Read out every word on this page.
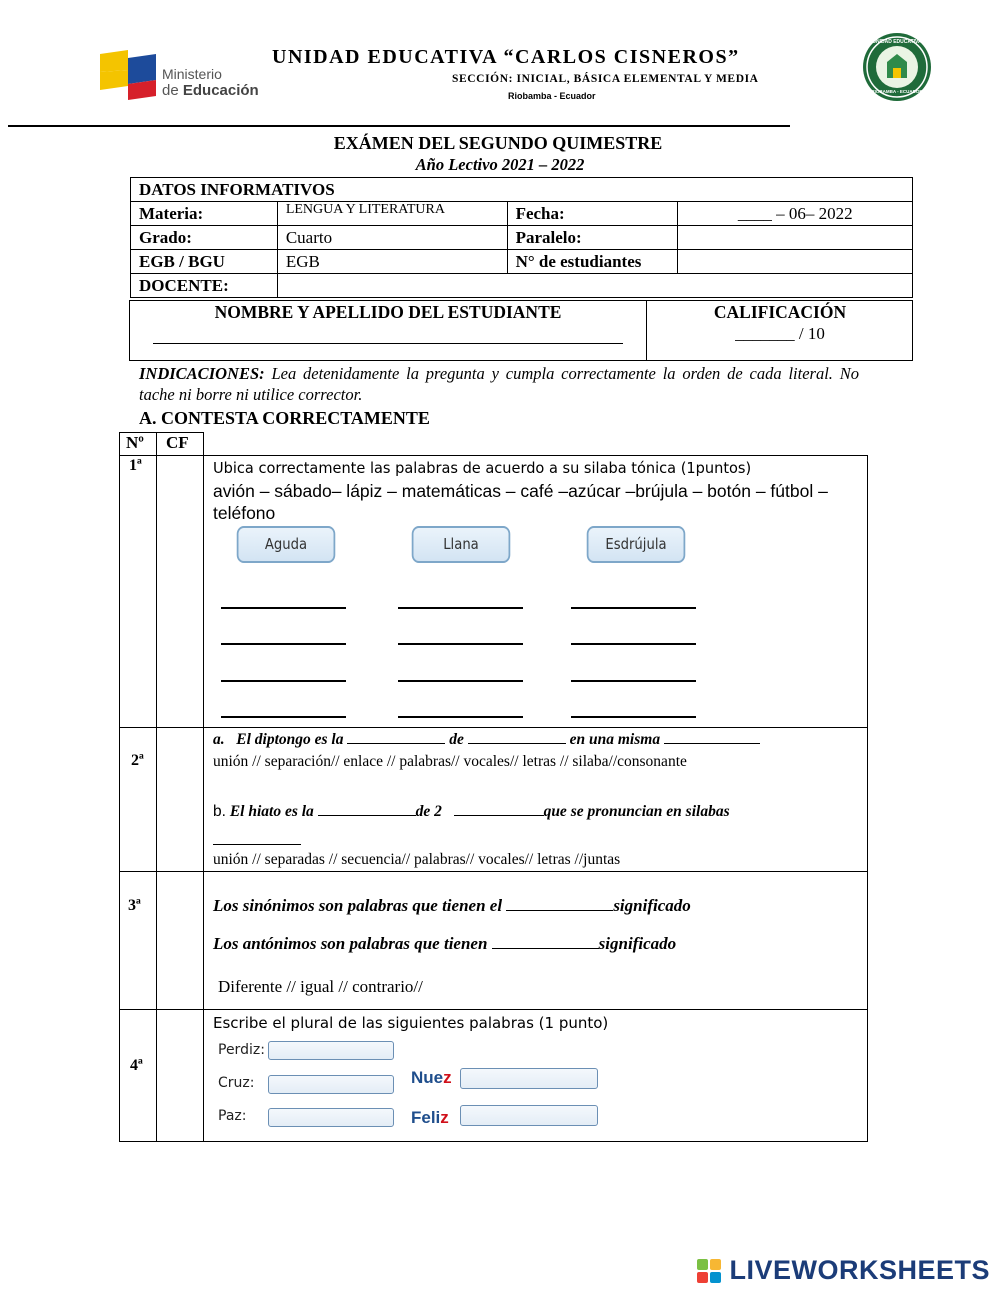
Ministerio
de Educación
UNIDAD EDUCATIVA “CARLOS CISNEROS”
SECCIÓN: INICIAL, BÁSICA ELEMENTAL Y MEDIA
Riobamba - Ecuador
UNIDAD EDUCATIVA
RIOBAMBA - ECUADOR
EXÁMEN DEL SEGUNDO QUIMESTRE
Año Lectivo 2021 – 2022
DATOS INFORMATIVOS			
Materia:	LENGUA Y LITERATURA	Fecha:	____ – 06– 2022
Grado:	Cuarto	Paralelo:	
EGB / BGU	EGB	N° de estudiantes	
DOCENTE:			
NOMBRE Y APELLIDO DEL ESTUDIANTE	CALIFICACIÓN
_______ / 10
INDICACIONES: Lea detenidamente la pregunta y cumpla correctamente la orden de cada literal. No tache ni borre ni utilice corrector.
A. CONTESTA CORRECTAMENTE
Nº CF
1ª	Ubica correctamente las palabras de acuerdo a su silaba tónica (1puntos)
avión – sábado– lápiz – matemáticas – café –azúcar –brújula – botón – fútbol – teléfono
Aguda	Llana	Esdrújula
2ª
a. El diptongo es la	de	en una misma
unión // separación// enlace // palabras// vocales// letras // silaba//consonante
b. El hiato es la	de 2	que se pronuncian en silabas
unión // separadas // secuencia// palabras// vocales// letras //juntas
3ª	Los sinónimos son palabras que tienen el	significado
Los antónimos son palabras que tienen	significado
Diferente // igual // contrario//
4ª
Escribe el plural de las siguientes palabras (1 punto)
Perdiz:
Cruz:
Paz:
Nuez
Feliz
LIVEWORKSHEETS
